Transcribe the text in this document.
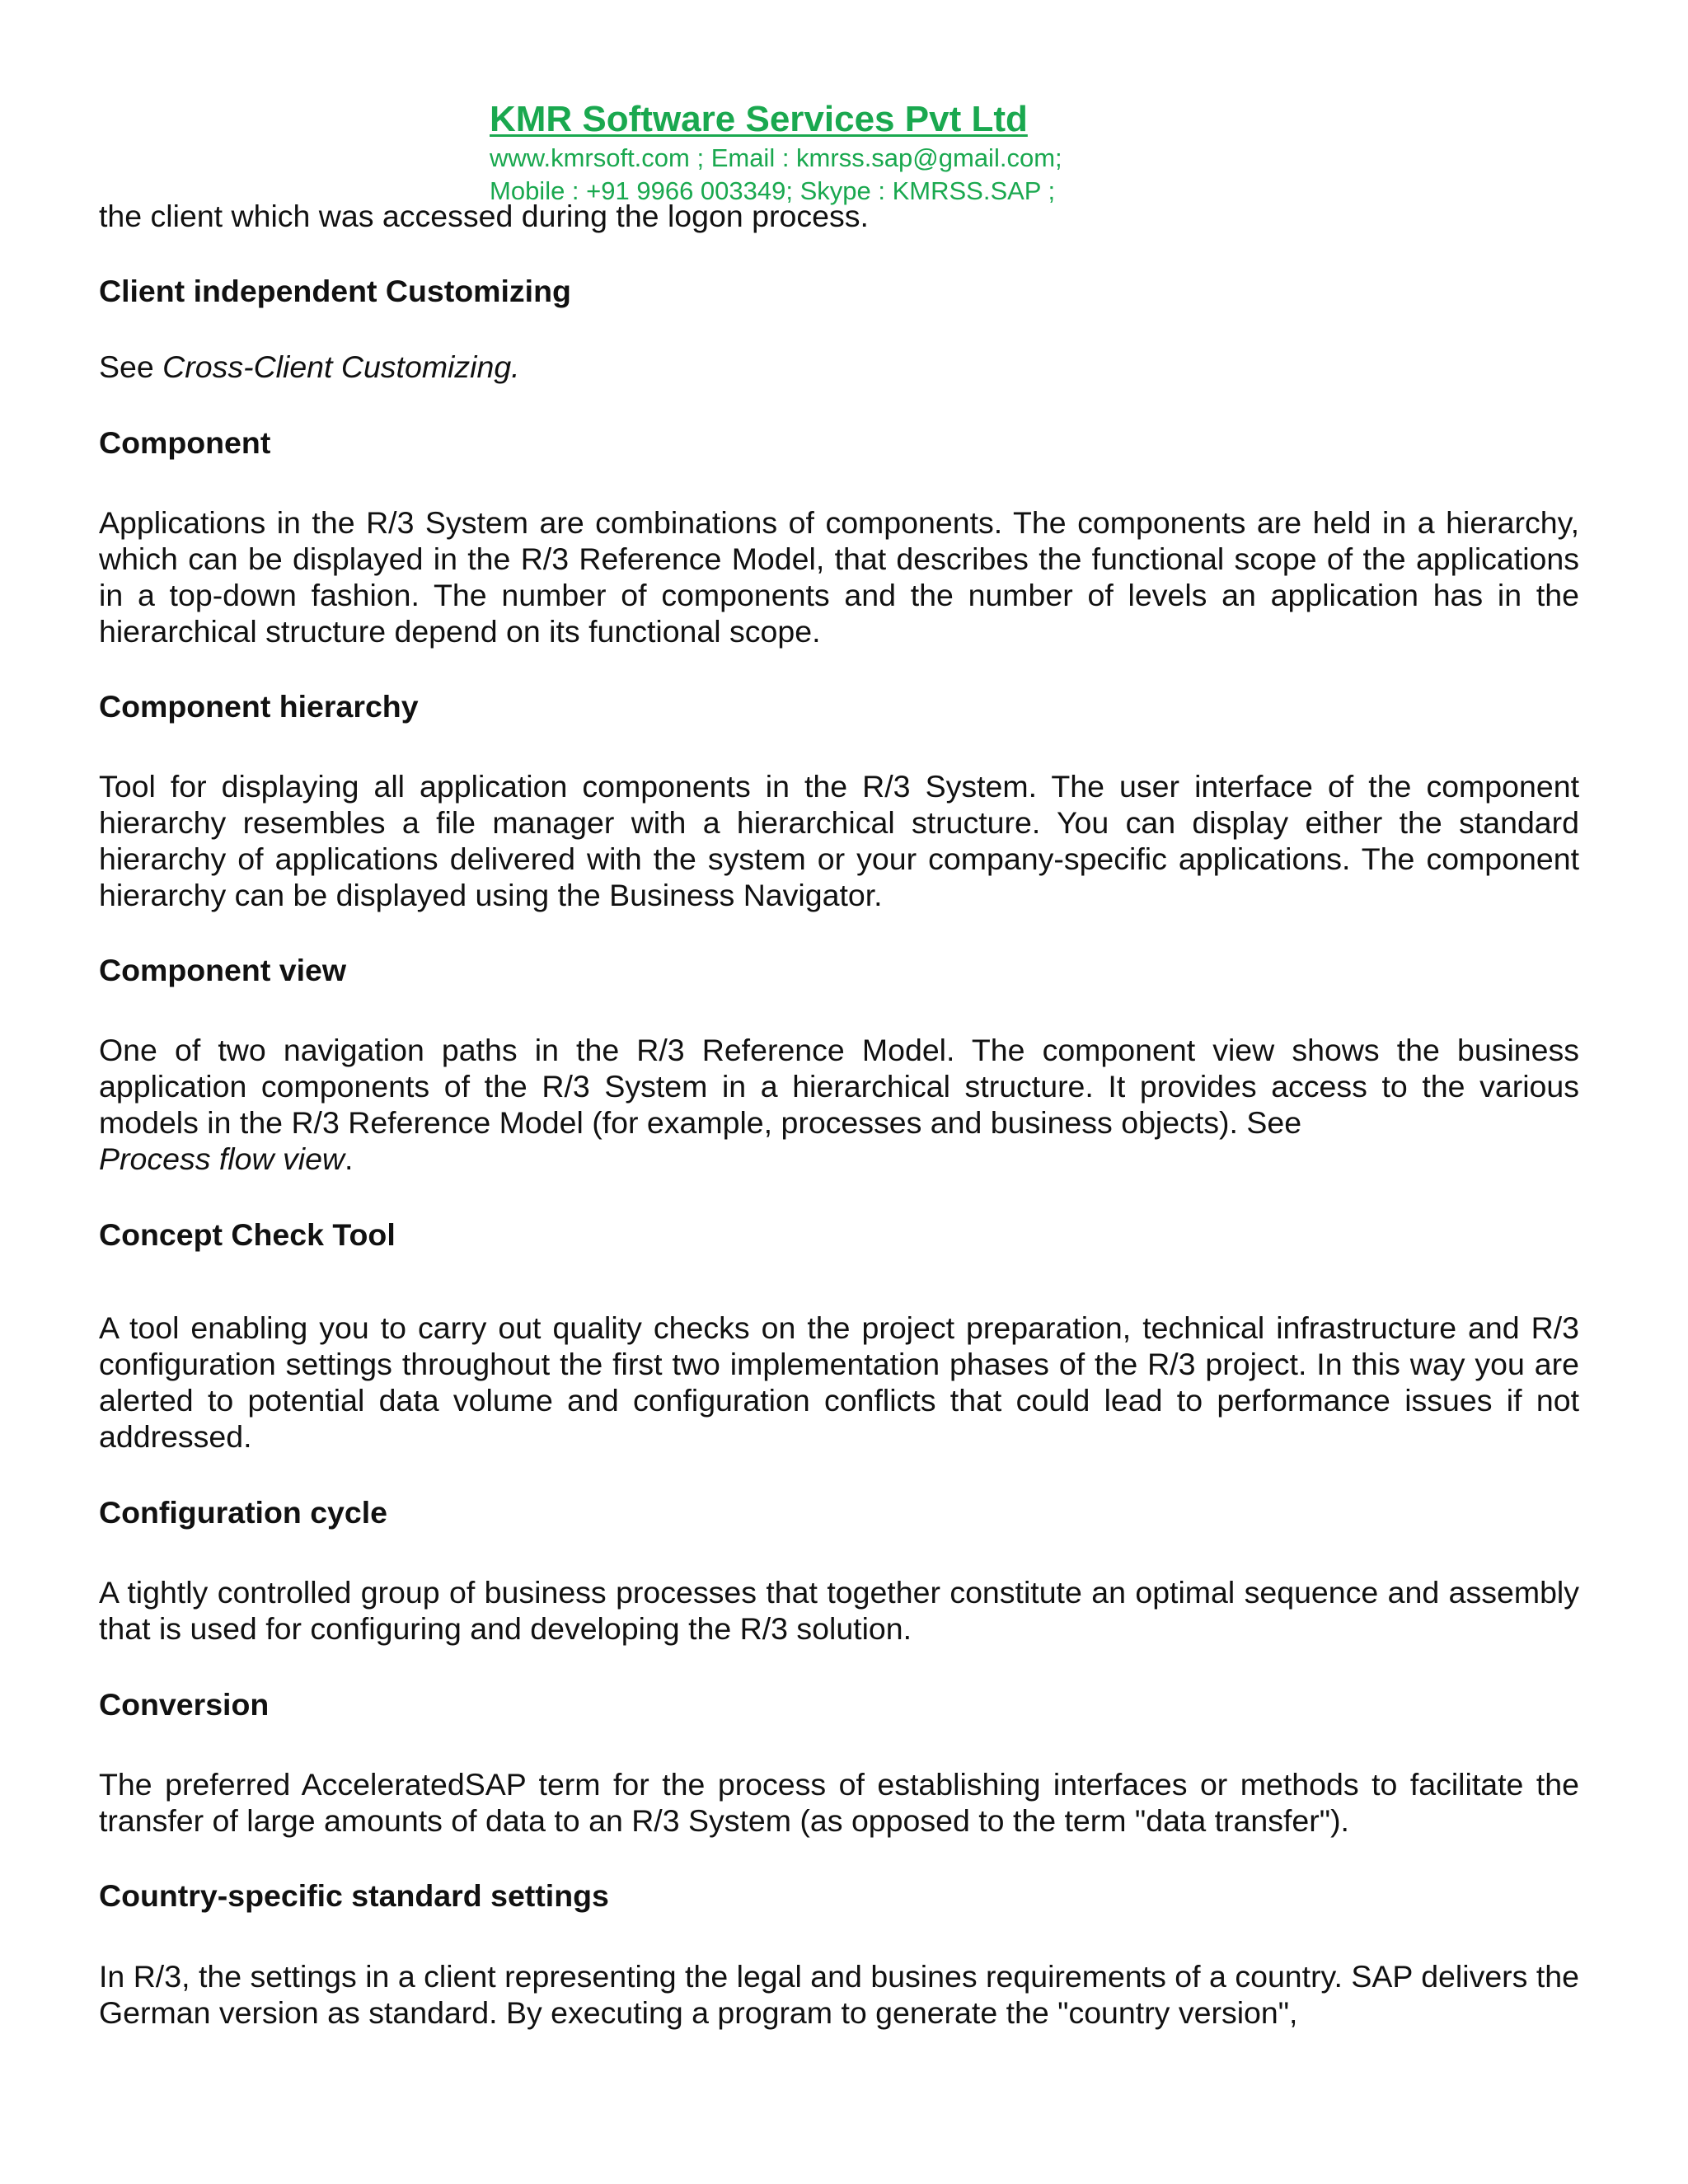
KMR Software Services Pvt Ltd
www.kmrsoft.com ; Email : kmrss.sap@gmail.com;
Mobile : +91 9966 003349; Skype : KMRSS.SAP ;

the client which was accessed during the logon process.

Client independent Customizing

See Cross-Client Customizing.

Component

Applications in the R/3 System are combinations of components. The components are held in a hierarchy, which can be displayed in the R/3 Reference Model, that describes the functional scope of the applications in a top-down fashion. The number of components and the number of levels an application has in the hierarchical structure depend on its functional scope.

Component hierarchy

Tool for displaying all application components in the R/3 System. The user interface of the component hierarchy resembles a file manager with a hierarchical structure. You can display either the standard hierarchy of applications delivered with the system or your company-specific applications. The component hierarchy can be displayed using the Business Navigator.

Component view

One of two navigation paths in the R/3 Reference Model. The component view shows the business application components of the R/3 System in a hierarchical structure. It provides access to the various models in the R/3 Reference Model (for example, processes and business objects). See
Process flow view.

Concept Check Tool

A tool enabling you to carry out quality checks on the project preparation, technical infrastructure and R/3 configuration settings throughout the first two implementation phases of the R/3 project. In this way you are alerted to potential data volume and configuration conflicts that could lead to performance issues if not addressed.

Configuration cycle

A tightly controlled group of business processes that together constitute an optimal sequence and assembly that is used for configuring and developing the R/3 solution.

Conversion

The preferred AcceleratedSAP term for the process of establishing interfaces or methods to facilitate the transfer of large amounts of data to an R/3 System (as opposed to the term "data transfer").

Country-specific standard settings

In R/3, the settings in a client representing the legal and busines requirements of a country. SAP delivers the German version as standard. By executing a program to generate the "country version",
